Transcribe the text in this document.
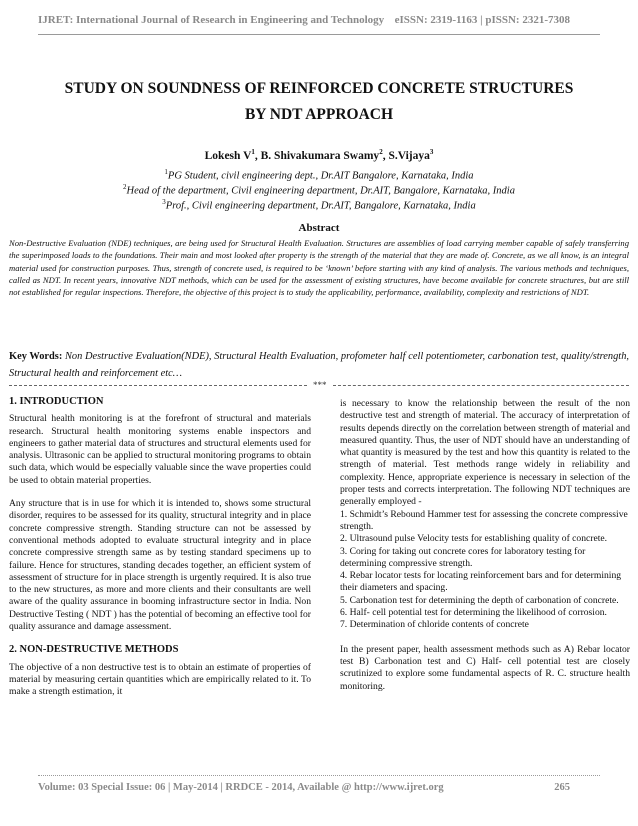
IJRET: International Journal of Research in Engineering and Technology eISSN: 2319-1163 | pISSN: 2321-7308
STUDY ON SOUNDNESS OF REINFORCED CONCRETE STRUCTURES
BY NDT APPROACH
Lokesh $V^1$, B. Shivakumara Swamy$^2$, S.Vijaya$^3$
$^1$PG Student, civil engineering dept., Dr.AIT Bangalore, Karnataka, India
$^2$Head of the department, Civil engineering department, Dr.AIT, Bangalore, Karnataka, India
$^3$Prof., Civil engineering department, Dr.AIT, Bangalore, Karnataka, India
Abstract
Non-Destructive Evaluation (NDE) techniques, are being used for Structural Health Evaluation. Structures are assemblies of load carrying member capable of safely transferring the superimposed loads to the foundations. Their main and most looked after property is the strength of the material that they are made of. Concrete, as we all know, is an integral material used for construction purposes. Thus, strength of concrete used, is required to be ‘known’ before starting with any kind of analysis. The various methods and techniques, called as NDT. In recent years, innovative NDT methods, which can be used for the assessment of existing structures, have become available for concrete structures, but are still not established for regular inspections. Therefore, the objective of this project is to study the applicability, performance, availability, complexity and restrictions of NDT.
Key Words: Non Destructive Evaluation(NDE), Structural Health Evaluation, profometer half cell potentiometer, carbonation test, quality/strength, Structural health and reinforcement etc…
***
1. INTRODUCTION

Structural health monitoring is at the forefront of structural and materials research. Structural health monitoring systems enable inspectors and engineers to gather material data of structures and structural elements used for analysis. Ultrasonic can be applied to structural monitoring programs to obtain such data, which would be especially valuable since the wave properties could be used to obtain material properties.

Any structure that is in use for which it is intended to, shows some structural disorder, requires to be assessed for its quality, structural integrity and in place concrete compressive strength. Standing structure can not be assessed by conventional methods adopted to evaluate structural integrity and in place concrete compressive strength same as by testing standard specimens up to failure. Hence for structures, standing decades together, an efficient system of assessment of structure for in place strength is urgently required. It is also true to the new structures, as more and more clients and their consultants are well aware of the quality assurance in booming infrastructure sector in India. Non Destructive Testing ( NDT ) has the potential of becoming an effective tool for quality assurance and damage assessment.

2. NON-DESTRUCTIVE METHODS

The objective of a non destructive test is to obtain an estimate of properties of material by measuring certain quantities which are empirically related to it. To make a strength estimation, it

is necessary to know the relationship between the result of the non destructive test and strength of material. The accuracy of interpretation of results depends directly on the correlation between strength of material and measured quantity. Thus, the user of NDT should have an understanding of what quantity is measured by the test and how this quantity is related to the strength of material. Test methods range widely in reliability and complexity. Hence, appropriate experience is necessary in selection of the proper tests and corrects interpretation. The following NDT techniques are generally employed -

1. Schmidt’s Rebound Hammer test for assessing the concrete compressive strength.
2. Ultrasound pulse Velocity tests for establishing quality of concrete.
3. Coring for taking out concrete cores for laboratory testing for determining compressive strength.
4. Rebar locator tests for locating reinforcement bars and for determining their diameters and spacing.
5. Carbonation test for determining the depth of carbonation of concrete.
6. Half- cell potential test for determining the likelihood of corrosion.
7. Determination of chloride contents of concrete

In the present paper, health assessment methods such as A) Rebar locator test B) Carbonation test and C) Half- cell potential test are closely scrutinized to explore some fundamental aspects of R. C. structure health monitoring.

Volume: 03 Special Issue: 06 | May-2014 | RRDCE - 2014, Available @ http://www.ijret.org	265
